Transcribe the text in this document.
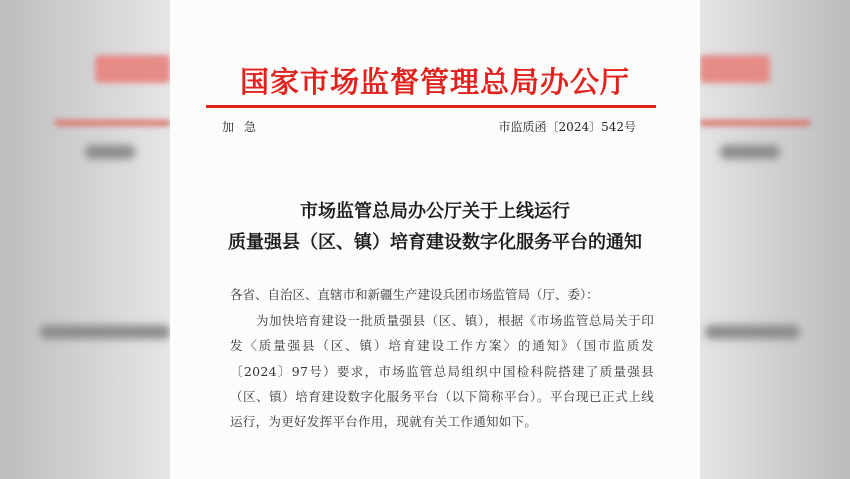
国家市场监督管理总局办公厅
加急	市监质函〔2024〕542号
市场监管总局办公厅关于上线运行
质量强县（区、镇）培育建设数字化服务平台的通知
各省、自治区、直辖市和新疆生产建设兵团市场监管局（厅、委）：
为加快培育建设一批质量强县（区、镇），根据《市场监管总局关于印发〈质量强县（区、镇）培育建设工作方案〉的通知》（国市监质发〔2024〕97号）要求，市场监管总局组织中国检科院搭建了质量强县（区、镇）培育建设数字化服务平台（以下简称平台）。平台现已正式上线运行，为更好发挥平台作用，现就有关工作通知如下。
